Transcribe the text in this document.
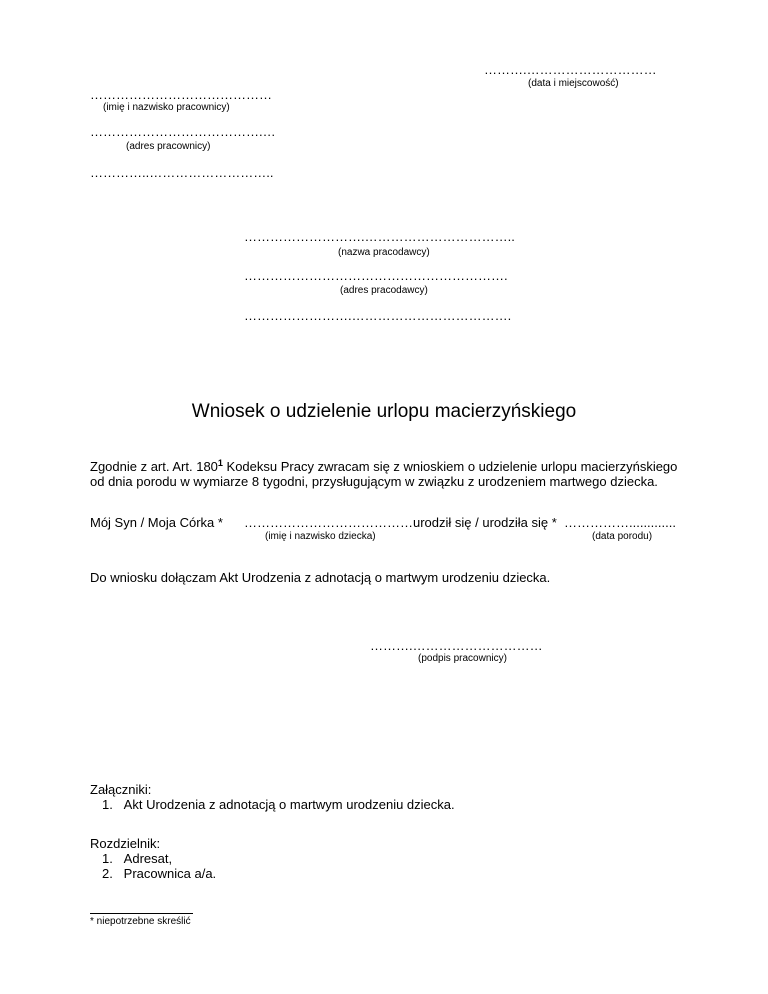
……….…………………………
(data i miejscowość)
……………………………………
(imię i nazwisko pracownicy)
………………………………….…
(adres pracownicy)
…………..………………………..
……………………….……………………………..
(nazwa pracodawcy)
…………………………………………………….
(adres pracodawcy)
…………………….……………………………….
Wniosek o udzielenie urlopu macierzyńskiego
Zgodnie z art. Art. $180^1$ Kodeksu Pracy zwracam się z wnioskiem o udzielenie urlopu macierzyńskiego
od dnia porodu w wymiarze 8 tygodni, przysługującym w związku z urodzeniem martwego dziecka.
Mój Syn / Moja Córka * ………………………………… urodził się / urodziła się * …………….............
(imię i nazwisko dziecka)	(data porodu)
Do wniosku dołączam Akt Urodzenia z adnotacją o martwym urodzeniu dziecka.
……….…………………………
(podpis pracownicy)
Załączniki:
1.   Akt Urodzenia z adnotacją o martwym urodzeniu dziecka.
Rozdzielnik:
1.   Adresat,
2.   Pracownica a/a.
* niepotrzebne skreślić
